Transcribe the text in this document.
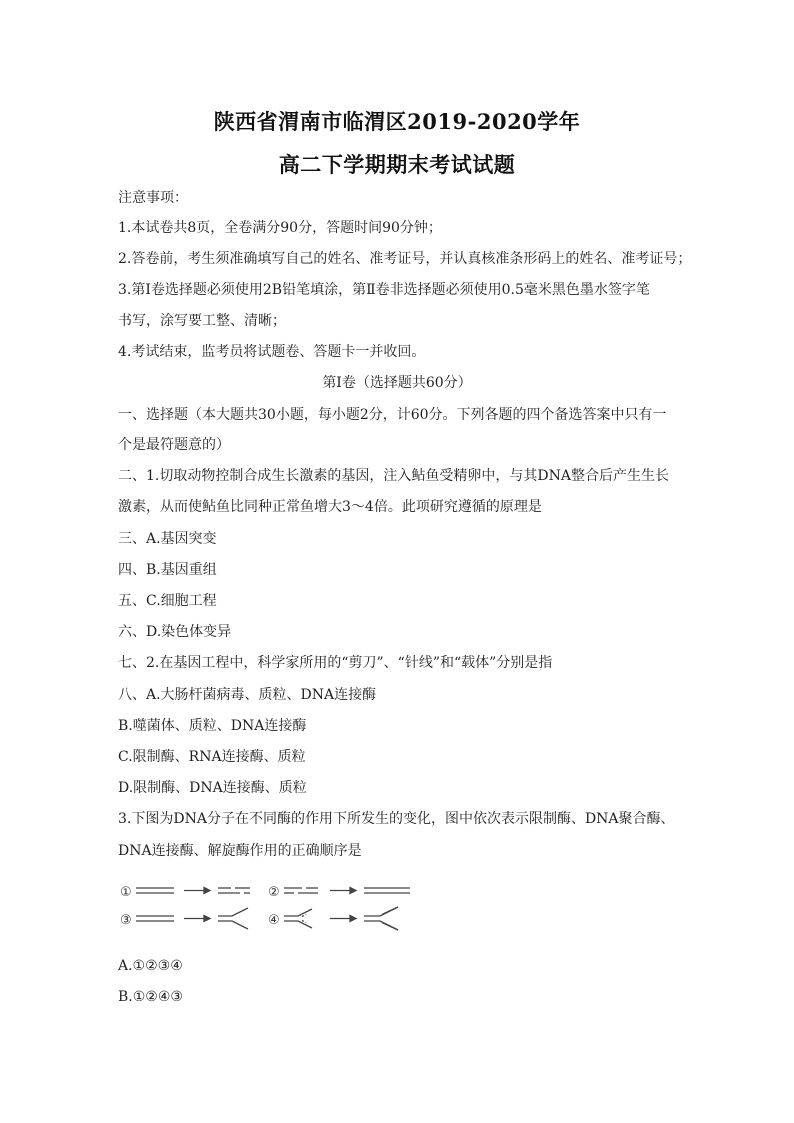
陕西省渭南市临渭区2019-2020学年
高二下学期期末考试试题
注意事项：
1.本试卷共8页，全卷满分90分，答题时间90分钟；
2.答卷前，考生须准确填写自己的姓名、准考证号，并认真核准条形码上的姓名、准考证号；
3.第Ⅰ卷选择题必须使用2B铅笔填涂，第Ⅱ卷非选择题必须使用0.5毫米黑色墨水签字笔
书写，涂写要工整、清晰；
4.考试结束，监考员将试题卷、答题卡一并收回。
第Ⅰ卷（选择题共60分）
一、选择题（本大题共30小题，每小题2分，计60分。下列各题的四个备选答案中只有一
个是最符题意的）
二、1.切取动物控制合成生长激素的基因，注入鲇鱼受精卵中，与其DNA整合后产生生长
激素，从而使鲇鱼比同种正常鱼增大3～4倍。此项研究遵循的原理是
三、A.基因突变
四、B.基因重组
五、C.细胞工程
六、D.染色体变异
七、2.在基因工程中，科学家所用的“剪刀”、“针线”和“载体”分别是指
八、A.大肠杆菌病毒、质粒、DNA连接酶
B.噬菌体、质粒、DNA连接酶
C.限制酶、RNA连接酶、质粒
D.限制酶、DNA连接酶、质粒
3.下图为DNA分子在不同酶的作用下所发生的变化，图中依次表示限制酶、DNA聚合酶、
DNA连接酶、解旋酶作用的正确顺序是
①	②
③	④
A.①②③④
B.①②④③
